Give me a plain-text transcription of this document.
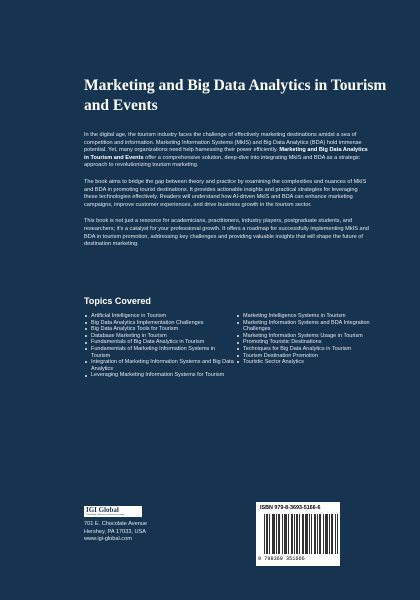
Marketing and Big Data Analytics in Tourism and Events

In the digital age, the tourism industry faces the challenge of effectively marketing destinations amidst a sea of competition and information. Marketing Information Systems (MkIS) and Big Data Analytics (BDA) hold immense potential. Yet, many organizations need help harnessing their power efficiently. Marketing and Big Data Analytics in Tourism and Events offer a comprehensive solution, deep-dive into integrating MkIS and BDA as a strategic approach to revolutionizing tourism marketing.

The book aims to bridge the gap between theory and practice by examining the complexities and nuances of MkIS and BDA in promoting tourist destinations. It provides actionable insights and practical strategies for leveraging these technologies effectively. Readers will understand how AI-driven MkIS and BDA can enhance marketing campaigns, improve customer experiences, and drive business growth in the tourism sector.

This book is not just a resource for academicians, practitioners, industry players, postgraduate students, and researchers; it's a catalyst for your professional growth. It offers a roadmap for successfully implementing MkIS and BDA in tourism promotion, addressing key challenges and providing valuable insights that will shape the future of destination marketing.

Topics Covered
Artificial Intelligence in Tourism
Big Data Analytics Implementation Challenges
Big Data Analytics Tools for Tourism
Database Marketing in Tourism
Fundamentals of Big Data Analytics in Tourism
Fundamentals of Marketing Information Systems in Tourism
Integration of Marketing Information Systems and Big Data Analytics
Leveraging Marketing Information Systems for Tourism
Marketing Intelligence Systems in Tourism
Marketing Information Systems and BDA Integration Challenges
Marketing Information Systems Usage in Tourism
Promoting Touristic Destinations
Techniques for Big Data Analytics in Tourism
Tourism Destination Promotion
Touristic Sector Analytics
IGI Global
Publishing Tomorrow's Research Today
701 E. Chocolate Avenue
Hershey, PA 17033, USA
www.igi-global.com
ISBN 979-8-3693-5166-6
9 798369 351666
